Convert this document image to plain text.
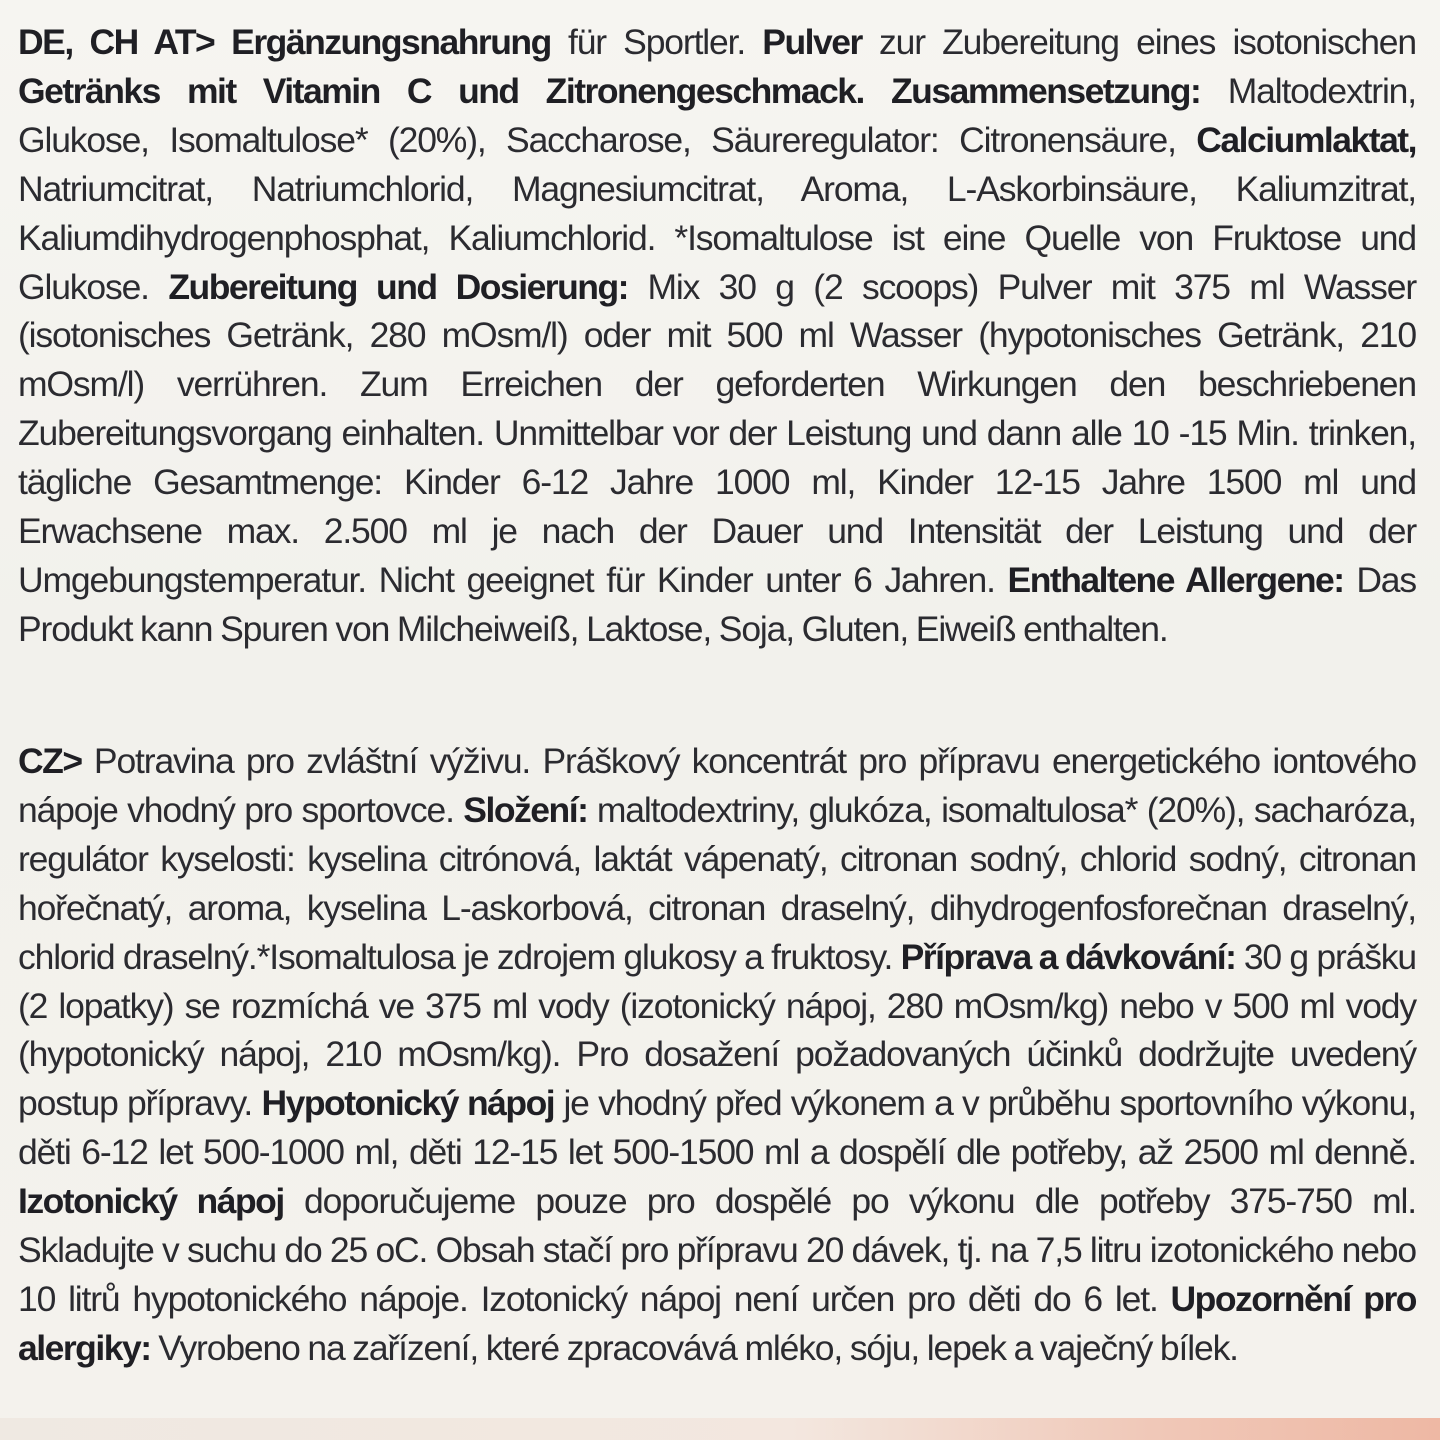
DE, CH AT> Ergänzungsnahrung für Sportler. Pulver zur Zubereitung eines isotonischen Getränks mit Vitamin C und Zitronengeschmack. Zusammensetzung: Maltodextrin, Glukose, Isomaltulose* (20%), Saccharose, Säureregulator: Citronensäure, Calciumlaktat, Natriumcitrat, Natriumchlorid, Magnesiumcitrat, Aroma, L-Askorbinsäure, Kaliumzitrat, Kaliumdihydrogenphosphat, Kaliumchlorid. *Isomaltulose ist eine Quelle von Fruktose und Glukose. Zubereitung und Dosierung: Mix 30 g (2 scoops) Pulver mit 375 ml Wasser (isotonisches Getränk, 280 mOsm/l) oder mit 500 ml Wasser (hypotonisches Getränk, 210 mOsm/l) verrühren. Zum Erreichen der geforderten Wirkungen den beschriebenen Zubereitungsvorgang einhalten. Unmittelbar vor der Leistung und dann alle 10 -15 Min. trinken, tägliche Gesamtmenge: Kinder 6-12 Jahre 1000 ml, Kinder 12-15 Jahre 1500 ml und Erwachsene max. 2.500 ml je nach der Dauer und Intensität der Leistung und der Umgebungstemperatur. Nicht geeignet für Kinder unter 6 Jahren. Enthaltene Allergene: Das Produkt kann Spuren von Milcheiweiß, Laktose, Soja, Gluten, Eiweiß enthalten.

CZ> Potravina pro zvláštní výživu. Práškový koncentrát pro přípravu energetického iontového nápoje vhodný pro sportovce. Složení: maltodextriny, glukóza, isomaltulosa* (20%), sacharóza, regulátor kyselosti: kyselina citrónová, laktát vápenatý, citronan sodný, chlorid sodný, citronan hořečnatý, aroma, kyselina L-askorbová, citronan draselný, dihydrogenfosforečnan draselný, chlorid draselný.*Isomaltulosa je zdrojem glukosy a fruktosy. Příprava a dávkování: 30 g prášku (2 lopatky) se rozmíchá ve 375 ml vody (izotonický nápoj, 280 mOsm/kg) nebo v 500 ml vody (hypotonický nápoj, 210 mOsm/kg). Pro dosažení požadovaných účinků dodržujte uvedený postup přípravy. Hypotonický nápoj je vhodný před výkonem a v průběhu sportovního výkonu, děti 6-12 let 500-1000 ml, děti 12-15 let 500-1500 ml a dospělí dle potřeby, až 2500 ml denně. Izotonický nápoj doporučujeme pouze pro dospělé po výkonu dle potřeby 375-750 ml. Skladujte v suchu do 25 oC. Obsah stačí pro přípravu 20 dávek, tj. na 7,5 litru izotonického nebo 10 litrů hypotonického nápoje. Izotonický nápoj není určen pro děti do 6 let. Upozornění pro alergiky: Vyrobeno na zařízení, které zpracovává mléko, sóju, lepek a vaječný bílek.
